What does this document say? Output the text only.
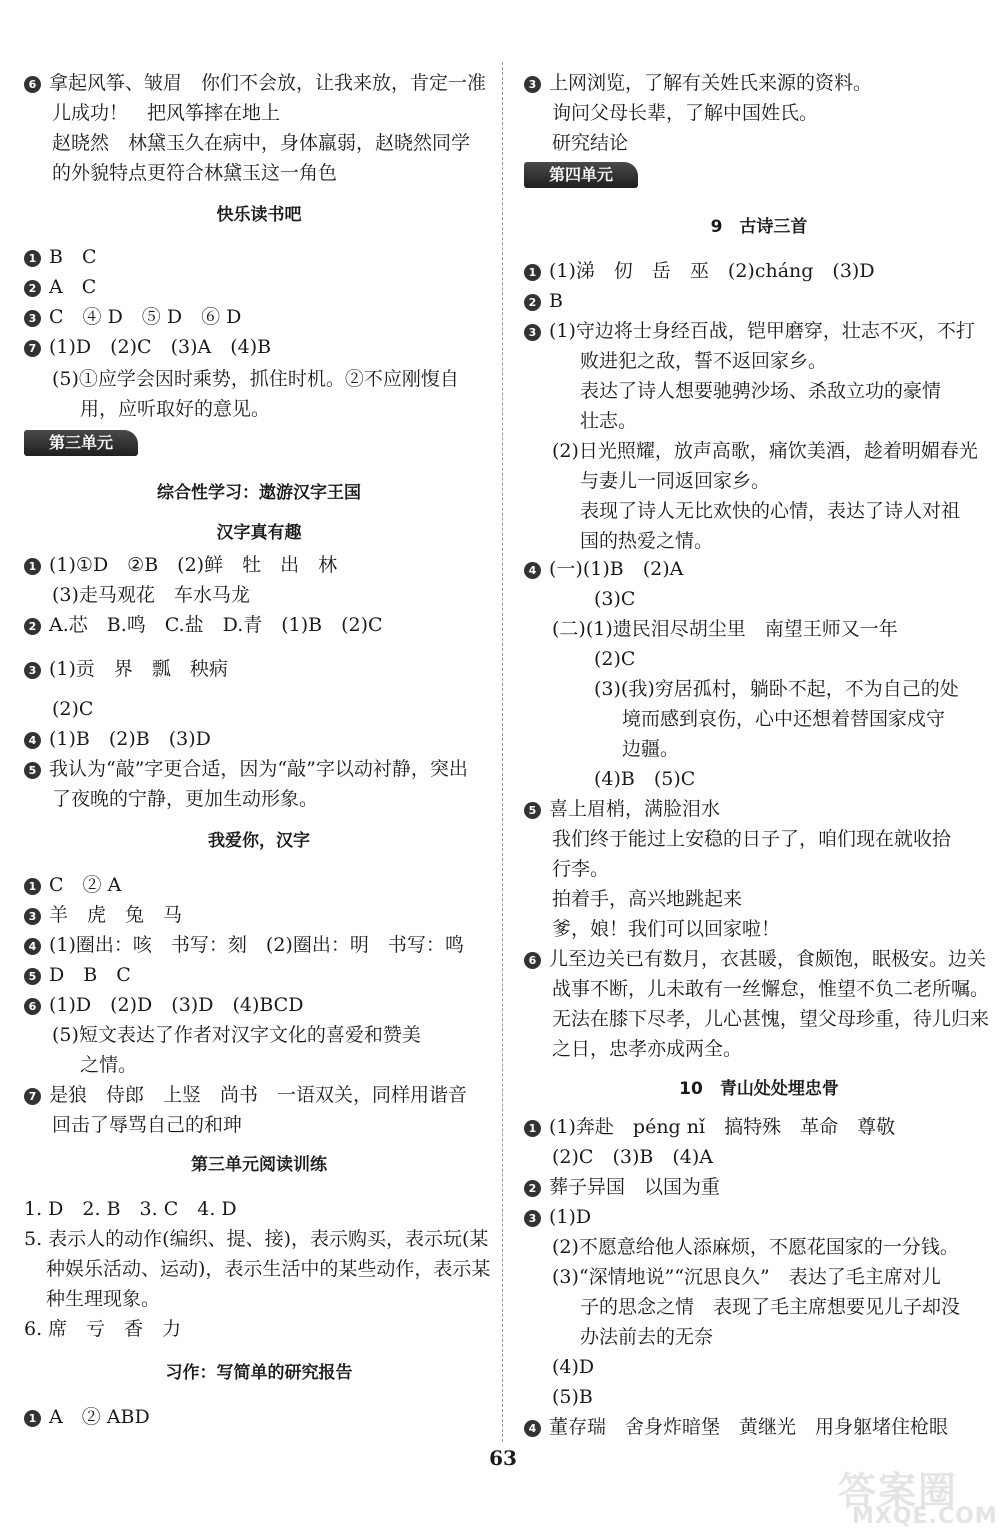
6 拿起风筝、皱眉　你们不会放，让我来放，肯定一准
儿成功！　把风筝摔在地上
赵晓然　林黛玉久在病中，身体羸弱，赵晓然同学
的外貌特点更符合林黛玉这一角色
快乐读书吧
1 B　C
2 A　C
3 C　④ D　⑤ D　⑥ D
7 (1)D　(2)C　(3)A　(4)B
(5)①应学会因时乘势，抓住时机。②不应刚愎自
用，应听取好的意见。
综合性学习：遨游汉字王国
汉字真有趣
1 (1)①D　②B　(2)鲜　牡　出　林
(3)走马观花　车水马龙
2 A.芯　B.鸣　C.盐　D.青　(1)B　(2)C
3 (1)贡　界　瓢　秧病
(2)C
4 (1)B　(2)B　(3)D
5 我认为“敲”字更合适，因为“敲”字以动衬静，突出
了夜晚的宁静，更加生动形象。
我爱你，汉字
1 C　② A
3 羊　虎　兔　马
4 (1)圈出：咳　书写：刻　(2)圈出：明　书写：鸣
5 D　B　C
6 (1)D　(2)D　(3)D　(4)BCD
(5)短文表达了作者对汉字文化的喜爱和赞美
之情。
7 是狼　侍郎　上竖　尚书　一语双关，同样用谐音
回击了辱骂自己的和珅
第三单元阅读训练
1. D　2. B　3. C　4. D
5. 表示人的动作(编织、提、接)，表示购买，表示玩(某
种娱乐活动、运动)，表示生活中的某些动作，表示某
种生理现象。
6. 席　亏　香　力
习作：写简单的研究报告
1 A　② ABD
3 上网浏览，了解有关姓氏来源的资料。
询问父母长辈，了解中国姓氏。
研究结论
9　古诗三首
1 (1)涕　仞　岳　巫　(2)cháng　(3)D
2 B
3 (1)守边将士身经百战，铠甲磨穿，壮志不灭，不打
败进犯之敌，誓不返回家乡。
表达了诗人想要驰骋沙场、杀敌立功的豪情
壮志。
(2)日光照耀，放声高歌，痛饮美酒，趁着明媚春光
与妻儿一同返回家乡。
表现了诗人无比欢快的心情，表达了诗人对祖
国的热爱之情。
4 (一)(1)B　(2)A
(3)C
(二)(1)遗民泪尽胡尘里　南望王师又一年
(2)C
(3)(我)穷居孤村，躺卧不起，不为自己的处
境而感到哀伤，心中还想着替国家戍守
边疆。
(4)B　(5)C
5 喜上眉梢，满脸泪水
我们终于能过上安稳的日子了，咱们现在就收拾
行李。
拍着手，高兴地跳起来
爹，娘！我们可以回家啦！
6 儿至边关已有数月，衣甚暖，食颇饱，眠极安。边关
战事不断，儿未敢有一丝懈怠，惟望不负二老所嘱。
无法在膝下尽孝，儿心甚愧，望父母珍重，待儿归来
之日，忠孝亦成两全。
10　青山处处埋忠骨
1 (1)奔赴　péng nǐ　搞特殊　革命　尊敬
(2)C　(3)B　(4)A
2 葬子异国　以国为重
3 (1)D
(2)不愿意给他人添麻烦，不愿花国家的一分钱。
(3)“深情地说”“沉思良久”　表达了毛主席对儿
子的思念之情　表现了毛主席想要见儿子却没
办法前去的无奈
(4)D
(5)B
4 董存瑞　舍身炸暗堡　黄继光　用身躯堵住枪眼
第三单元
第四单元
63
答案圈
MXQE.COM
